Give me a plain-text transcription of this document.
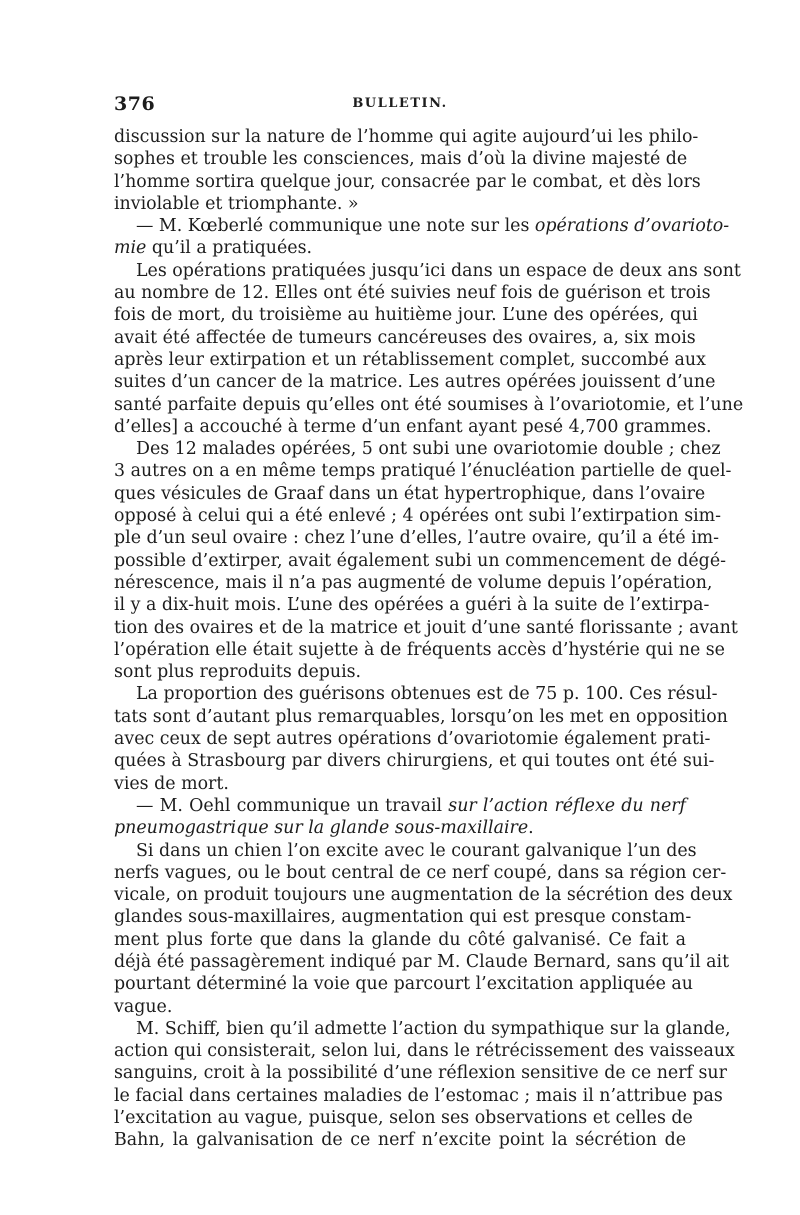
376	BULLETIN.
discussion sur la nature de l’homme qui agite aujourd’ui les philo-
sophes et trouble les consciences, mais d’où la divine majesté de
l’homme sortira quelque jour, consacrée par le combat, et dès lors
inviolable et triomphante. »
— M. Kœberlé communique une note sur les opérations d’ovarioto-
mie qu’il a pratiquées.
Les opérations pratiquées jusqu’ici dans un espace de deux ans sont
au nombre de 12. Elles ont été suivies neuf fois de guérison et trois
fois de mort, du troisième au huitième jour. L’une des opérées, qui
avait été affectée de tumeurs cancéreuses des ovaires, a, six mois
après leur extirpation et un rétablissement complet, succombé aux
suites d’un cancer de la matrice. Les autres opérées jouissent d’une
santé parfaite depuis qu’elles ont été soumises à l’ovariotomie, et l’une
d’elles] a accouché à terme d’un enfant ayant pesé 4,700 grammes.
Des 12 malades opérées, 5 ont subi une ovariotomie double ; chez
3 autres on a en même temps pratiqué l’énucléation partielle de quel-
ques vésicules de Graaf dans un état hypertrophique, dans l’ovaire
opposé à celui qui a été enlevé ; 4 opérées ont subi l’extirpation sim-
ple d’un seul ovaire : chez l’une d’elles, l’autre ovaire, qu’il a été im-
possible d’extirper, avait également subi un commencement de dégé-
nérescence, mais il n’a pas augmenté de volume depuis l’opération,
il y a dix-huit mois. L’une des opérées a guéri à la suite de l’extirpa-
tion des ovaires et de la matrice et jouit d’une santé florissante ; avant
l’opération elle était sujette à de fréquents accès d’hystérie qui ne se
sont plus reproduits depuis.
La proportion des guérisons obtenues est de 75 p. 100. Ces résul-
tats sont d’autant plus remarquables, lorsqu’on les met en opposition
avec ceux de sept autres opérations d’ovariotomie également prati-
quées à Strasbourg par divers chirurgiens, et qui toutes ont été sui-
vies de mort.
— M. Oehl communique un travail sur l’action réflexe du nerf
pneumogastrique sur la glande sous-maxillaire.
Si dans un chien l’on excite avec le courant galvanique l’un des
nerfs vagues, ou le bout central de ce nerf coupé, dans sa région cer-
vicale, on produit toujours une augmentation de la sécrétion des deux
glandes sous-maxillaires, augmentation qui est presque constam-
ment plus forte que dans la glande du côté galvanisé. Ce fait a
déjà été passagèrement indiqué par M. Claude Bernard, sans qu’il ait
pourtant déterminé la voie que parcourt l’excitation appliquée au
vague.
M. Schiff, bien qu’il admette l’action du sympathique sur la glande,
action qui consisterait, selon lui, dans le rétrécissement des vaisseaux
sanguins, croit à la possibilité d’une réflexion sensitive de ce nerf sur
le facial dans certaines maladies de l’estomac ; mais il n’attribue pas
l’excitation au vague, puisque, selon ses observations et celles de
Bahn, la galvanisation de ce nerf n’excite point la sécrétion de
